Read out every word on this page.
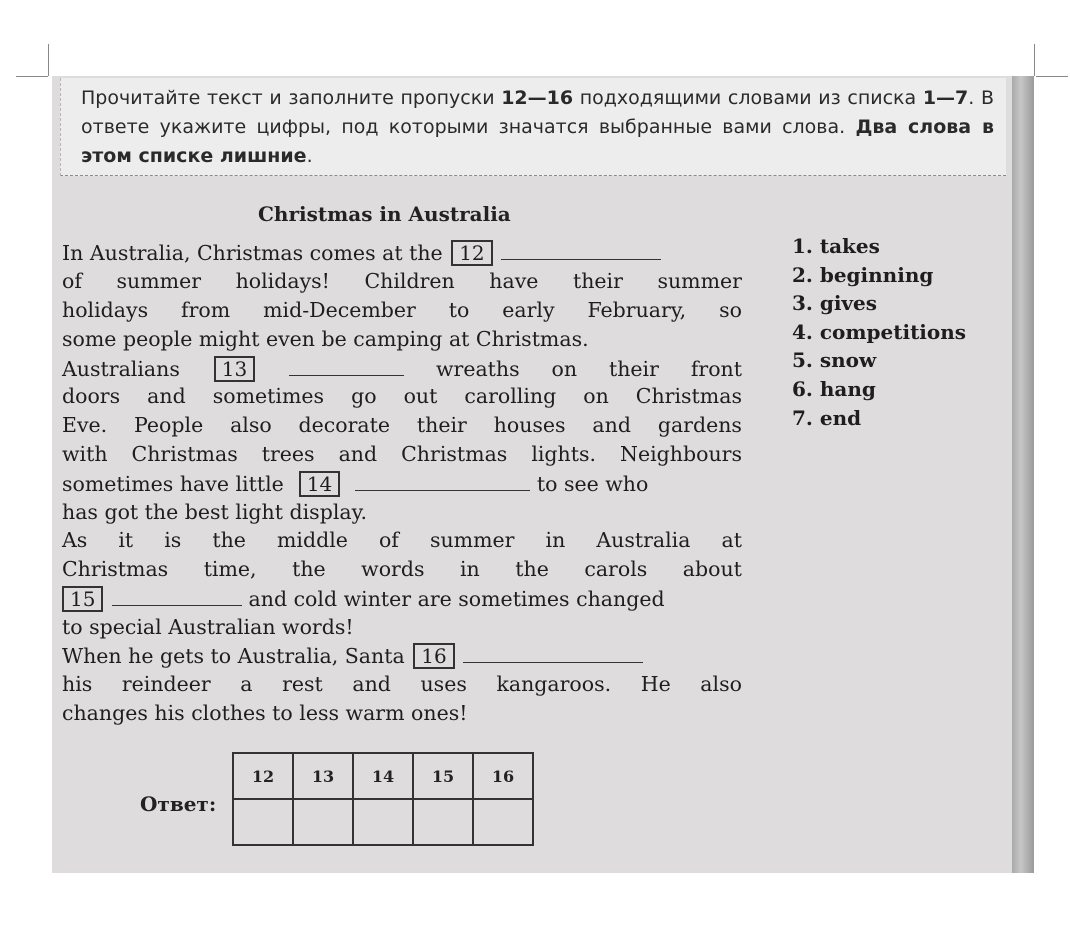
Прочитайте текст и заполните пропуски 12—16 подходящими словами из списка 1—7. В ответе укажите цифры, под которыми значатся выбранные вами слова. Два слова в этом списке лишние.
Christmas in Australia
In Australia, Christmas comes at the
12

of summer holidays! Children have their summer
holidays from mid-December to early February, so
some people might even be camping at Christmas.
Australians	13	wreaths on their front
doors and sometimes go out carolling on Christmas
Eve. People also decorate their houses and gardens
with Christmas trees and Christmas lights. Neighbours
sometimes have little
	14

	to see who
has got the best light display.
As it is the middle of summer in Australia at
Christmas time, the words in the carols about
15

	and cold winter are sometimes changed
to special Australian words!
When he gets to Australia, Santa
16

his reindeer a rest and uses kangaroos. He also
changes his clothes to less warm ones!
1. takes
2. beginning
3. gives
4. competitions
5. snow
6. hang
7. end
Ответ:
12	13	14	15	16
